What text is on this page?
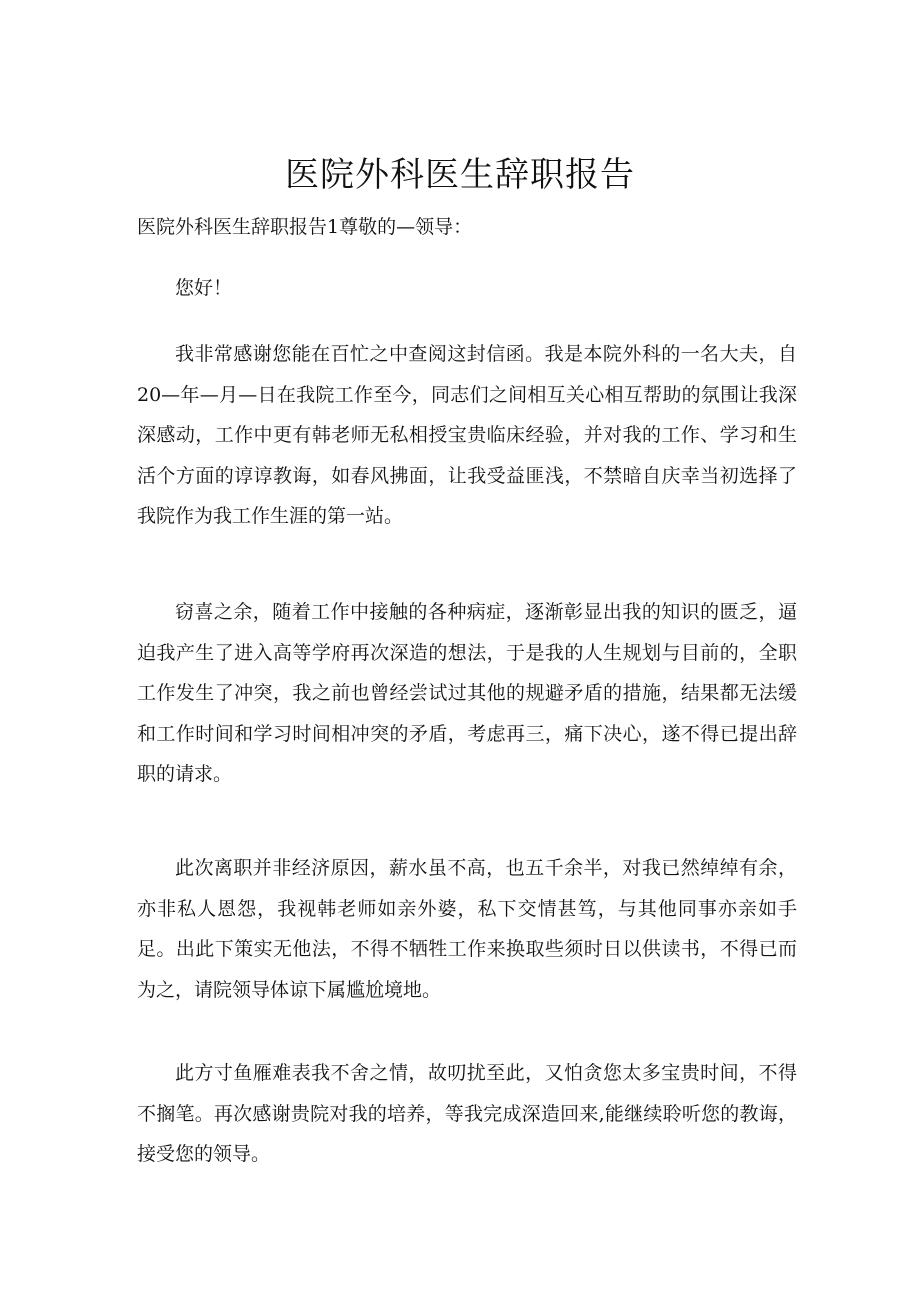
医院外科医生辞职报告

医院外科医生辞职报告1尊敬的—领导：

您好！

我非常感谢您能在百忙之中查阅这封信函。我是本院外科的一名大夫，自20—年—月—日在我院工作至今，同志们之间相互关心相互帮助的氛围让我深深感动，工作中更有韩老师无私相授宝贵临床经验，并对我的工作、学习和生活个方面的谆谆教诲，如春风拂面，让我受益匪浅，不禁暗自庆幸当初选择了我院作为我工作生涯的第一站。

窃喜之余，随着工作中接触的各种病症，逐渐彰显出我的知识的匮乏，逼迫我产生了进入高等学府再次深造的想法，于是我的人生规划与目前的，全职工作发生了冲突，我之前也曾经尝试过其他的规避矛盾的措施，结果都无法缓和工作时间和学习时间相冲突的矛盾，考虑再三，痛下决心，遂不得已提出辞职的请求。

此次离职并非经济原因，薪水虽不高，也五千余半，对我已然绰绰有余，亦非私人恩怨，我视韩老师如亲外婆，私下交情甚笃，与其他同事亦亲如手足。出此下策实无他法，不得不牺牲工作来换取些须时日以供读书，不得已而为之，请院领导体谅下属尴尬境地。

此方寸鱼雁难表我不舍之情，故叨扰至此，又怕贪您太多宝贵时间，不得不搁笔。再次感谢贵院对我的培养，等我完成深造回来,能继续聆听您的教诲，接受您的领导。
